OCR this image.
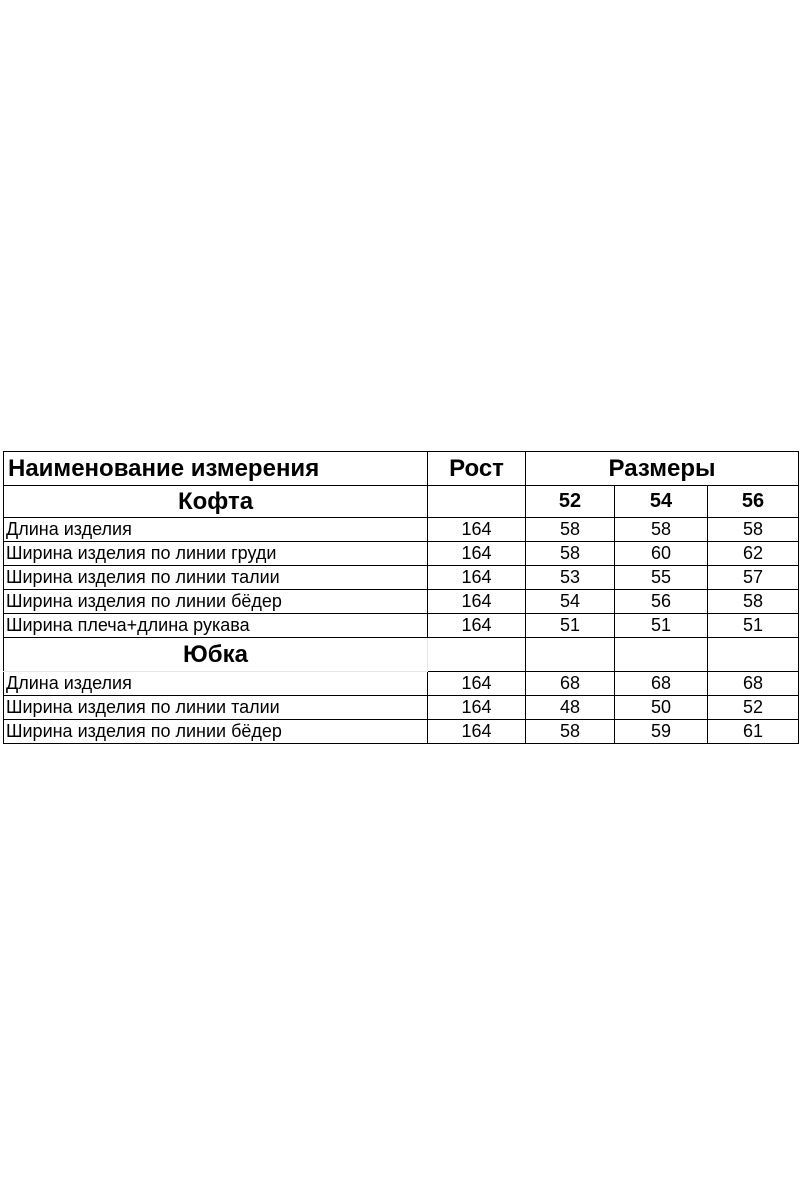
Наименование измерения	Рост	Размеры		
Кофта		52	54	56
Длина изделия	164	58	58	58
Ширина изделия по линии груди	164	58	60	62
Ширина изделия по линии талии	164	53	55	57
Ширина изделия по линии бёдер	164	54	56	58
Ширина плеча+длина рукава	164	51	51	51
Юбка				
Длина изделия	164	68	68	68
Ширина изделия по линии талии	164	48	50	52
Ширина изделия по линии бёдер	164	58	59	61
